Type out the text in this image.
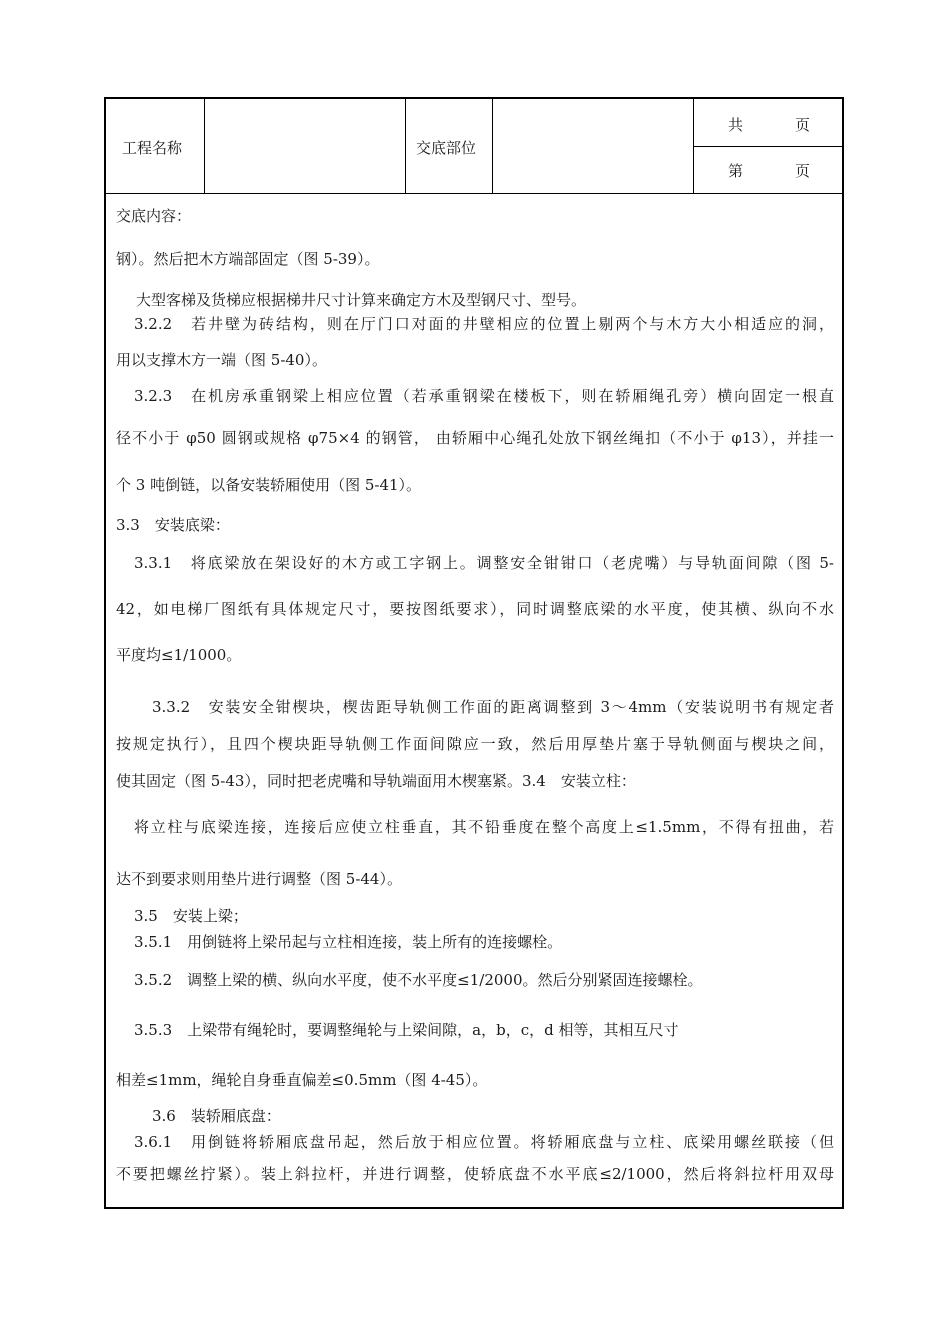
工程名称	交底部位
共	页
第	页
交底内容：
钢）。然后把木方端部固定（图 5-39）。
大型客梯及货梯应根据梯井尺寸计算来确定方木及型钢尺寸、型号。
3.2.2　若井壁为砖结构，则在厅门口对面的井壁相应的位置上剔两个与木方大小相适应的洞，
用以支撑木方一端（图 5-40）。
3.2.3　在机房承重钢梁上相应位置（若承重钢梁在楼板下，则在轿厢绳孔旁）横向固定一根直
径不小于 φ50 圆钢或规格 φ75×4 的钢管， 由轿厢中心绳孔处放下钢丝绳扣（不小于 φ13），并挂一
个 3 吨倒链，以备安装轿厢使用（图 5-41）。
3.3　安装底梁：
3.3.1　将底梁放在架设好的木方或工字钢上。调整安全钳钳口（老虎嘴）与导轨面间隙（图 5-
42，如电梯厂图纸有具体规定尺寸，要按图纸要求），同时调整底梁的水平度，使其横、纵向不水
平度均≤1/1000。
3.3.2　安装安全钳楔块，楔齿距导轨侧工作面的距离调整到 3～4mm（安装说明书有规定者
按规定执行），且四个楔块距导轨侧工作面间隙应一致，然后用厚垫片塞于导轨侧面与楔块之间，
使其固定（图 5-43），同时把老虎嘴和导轨端面用木楔塞紧。3.4　安装立柱：
将立柱与底梁连接，连接后应使立柱垂直，其不铅垂度在整个高度上≤1.5mm，不得有扭曲，若
达不到要求则用垫片进行调整（图 5-44）。
3.5　安装上梁；
3.5.1　用倒链将上梁吊起与立柱相连接，装上所有的连接螺栓。
3.5.2　调整上梁的横、纵向水平度，使不水平度≤1/2000。然后分别紧固连接螺栓。
3.5.3　上梁带有绳轮时，要调整绳轮与上梁间隙，a，b，c，d 相等，其相互尺寸
相差≤1mm，绳轮自身垂直偏差≤0.5mm（图 4-45）。
3.6　装轿厢底盘：
3.6.1　用倒链将轿厢底盘吊起，然后放于相应位置。将轿厢底盘与立柱、底梁用螺丝联接（但
不要把螺丝拧紧）。装上斜拉杆，并进行调整，使轿底盘不水平底≤2/1000，然后将斜拉杆用双母
